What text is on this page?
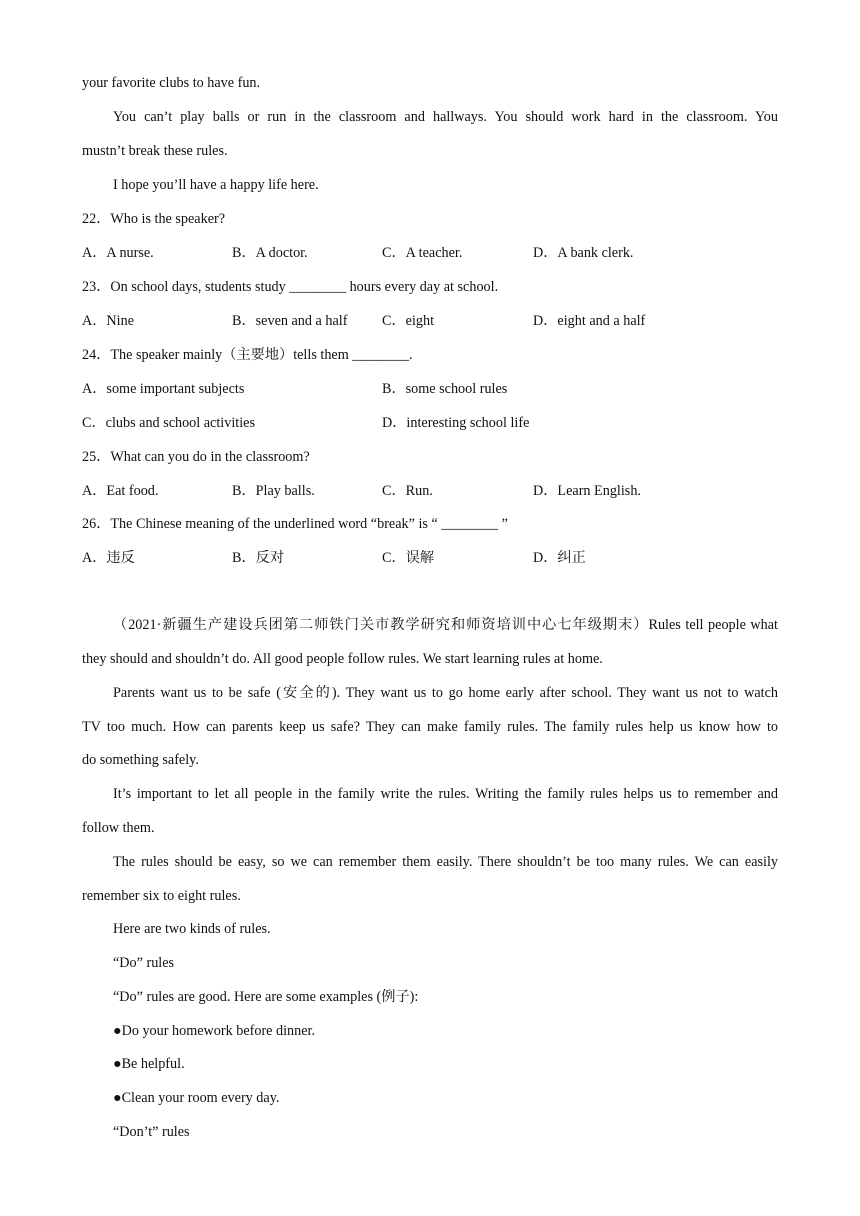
your favorite clubs to have fun.
You can’t play balls or run in the classroom and hallways. You should work hard in the classroom. You
mustn’t break these rules.
I hope you’ll have a happy life here.
22．Who is the speaker?
A．A nurse.	B．A doctor.	C．A teacher.	D．A bank clerk.
23．On school days, students study ________ hours every day at school.
A．Nine	B．seven and a half C．eight	D．eight and a half
24．The speaker mainly（主要地）tells them ________.
A．some important subjects	B．some school rules
C．clubs and school activities	D．interesting school life
25．What can you do in the classroom?
A．Eat food.	B．Play balls.	C．Run.	D．Learn English.
26．The Chinese meaning of the underlined word “break” is “ ________ ”
A．违反	B．反对	C．误解	D．纠正
（2021·新疆生产建设兵团第二师铁门关市教学研究和师资培训中心七年级期末）Rules tell people what
they should and shouldn’t do. All good people follow rules. We start learning rules at home.
Parents want us to be safe (安全的). They want us to go home early after school. They want us not to watch
TV too much. How can parents keep us safe? They can make family rules. The family rules help us know how to
do something safely.
It’s important to let all people in the family write the rules. Writing the family rules helps us to remember and
follow them.
The rules should be easy, so we can remember them easily. There shouldn’t be too many rules. We can easily
remember six to eight rules.
Here are two kinds of rules.
“Do” rules
“Do” rules are good. Here are some examples (例子):
●Do your homework before dinner.
●Be helpful.
●Clean your room every day.
“Don’t” rules
